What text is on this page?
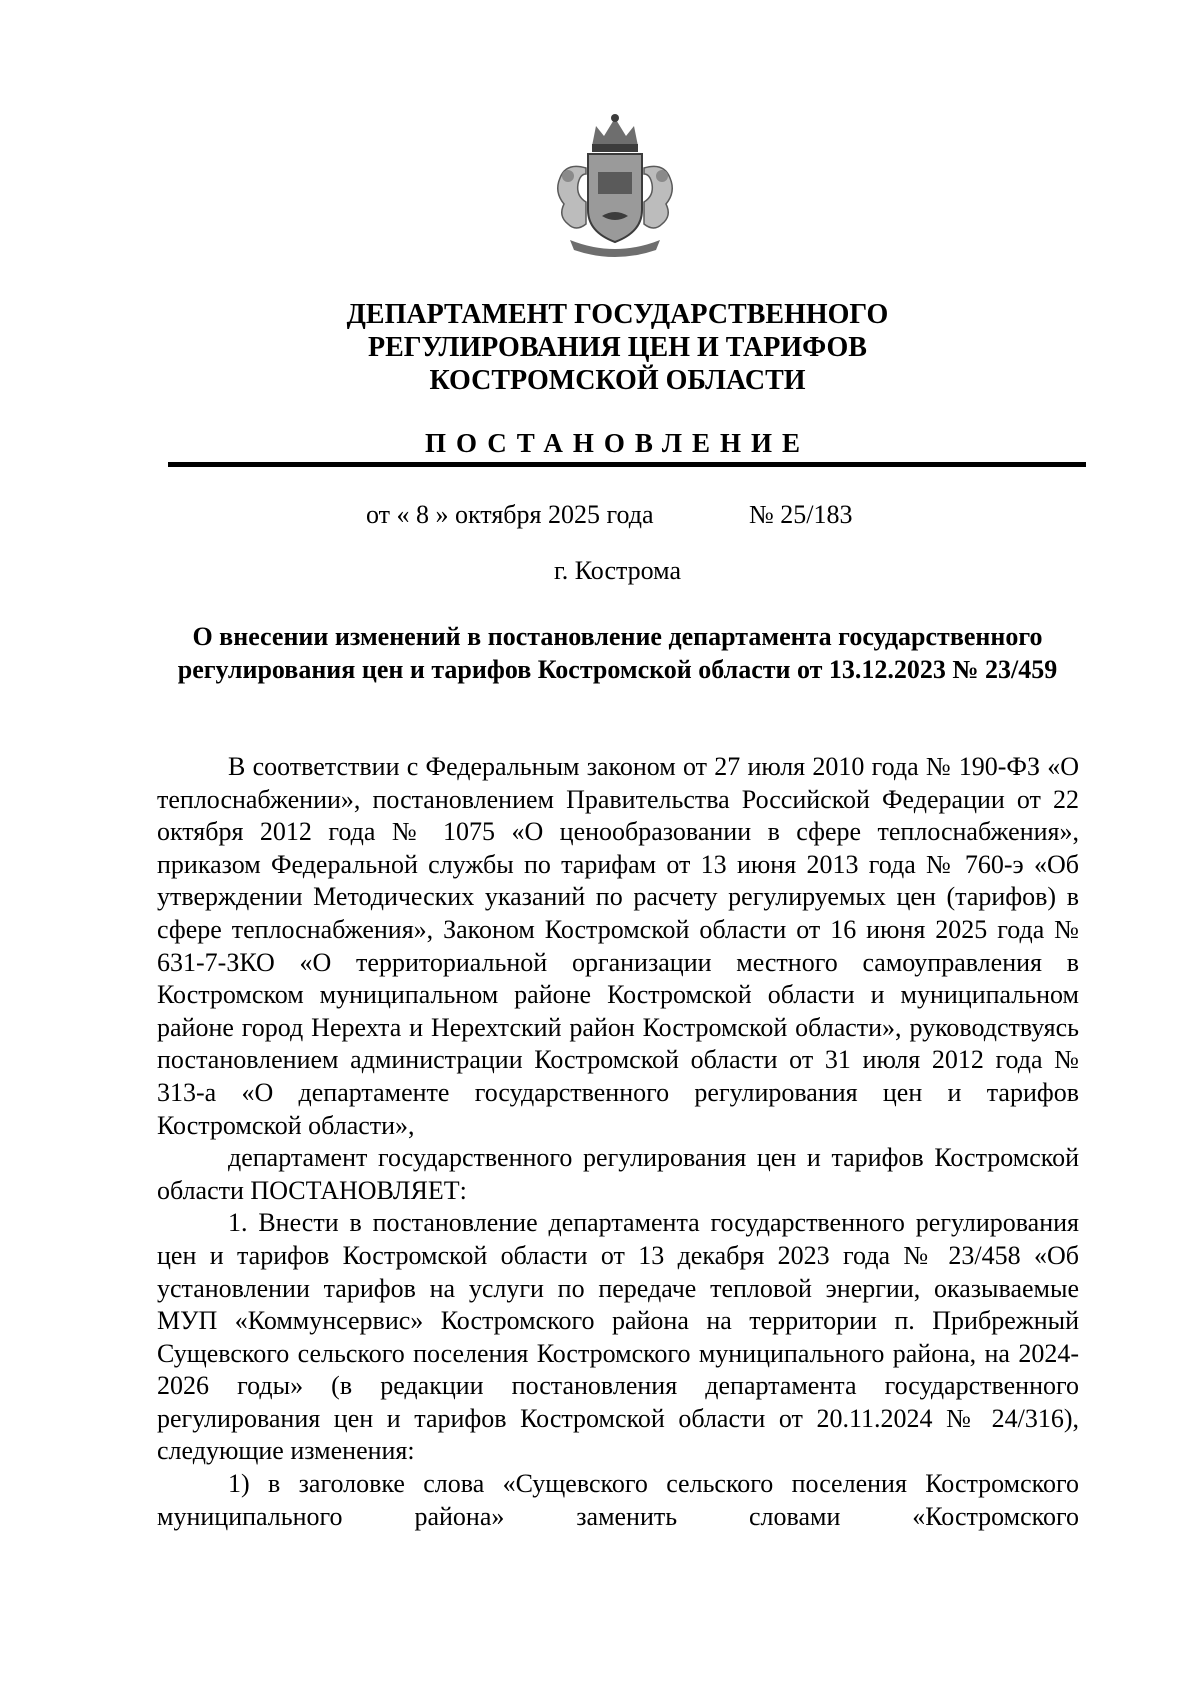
ДЕПАРТАМЕНТ ГОСУДАРСТВЕННОГО
РЕГУЛИРОВАНИЯ ЦЕН И ТАРИФОВ
КОСТРОМСКОЙ ОБЛАСТИ
ПОСТАНОВЛЕНИЕ
от « 8 » октября 2025 года	№ 25/183
г. Кострома
О внесении изменений в постановление департамента государственного
регулирования цен и тарифов Костромской области от 13.12.2023 № 23/459

В соответствии с Федеральным законом от 27 июля 2010 года № 190-ФЗ «О теплоснабжении», постановлением Правительства Российской Федерации от 22 октября 2012 года № 1075 «О ценообразовании в сфере теплоснабжения», приказом Федеральной службы по тарифам от 13 июня 2013 года № 760-э «Об утверждении Методических указаний по расчету регулируемых цен (тарифов) в сфере теплоснабжения», Законом Костромской области от 16 июня 2025 года № 631-7-ЗКО «О территориальной организации местного самоуправления в Костромском муниципальном районе Костромской области и муниципальном районе город Нерехта и Нерехтский район Костромской области», руководствуясь постановлением администрации Костромской области от 31 июля 2012 года № 313-а «О департаменте государственного регулирования цен и тарифов Костромской области»,

департамент государственного регулирования цен и тарифов Костромской области ПОСТАНОВЛЯЕТ:

1. Внести в постановление департамента государственного регулирования цен и тарифов Костромской области от 13 декабря 2023 года № 23/458 «Об установлении тарифов на услуги по передаче тепловой энергии, оказываемые МУП «Коммунсервис» Костромского района на территории п. Прибрежный Сущевского сельского поселения Костромского муниципального района, на 2024-2026 годы» (в редакции постановления департамента государственного регулирования цен и тарифов Костромской области от 20.11.2024 № 24/316), следующие изменения:

1) в заголовке слова «Сущевского сельского поселения Костромского муниципального района» заменить словами «Костромского
